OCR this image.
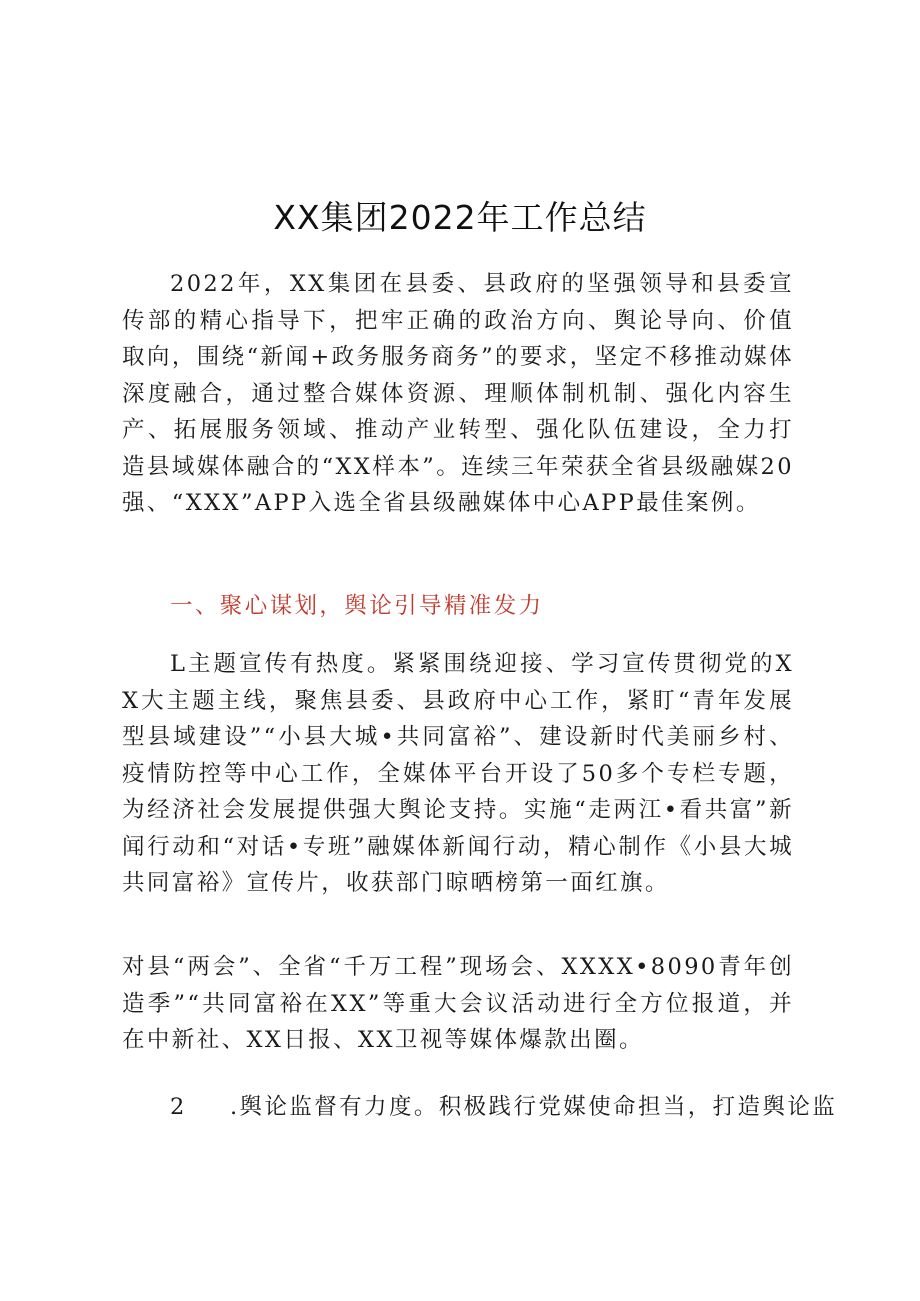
XX集团2022年工作总结

2022年，XX集团在县委、县政府的坚强领导和县委宣传部的精心指导下，把牢正确的政治方向、舆论导向、价值取向，围绕“新闻+政务服务商务”的要求，坚定不移推动媒体深度融合，通过整合媒体资源、理顺体制机制、强化内容生产、拓展服务领域、推动产业转型、强化队伍建设，全力打造县域媒体融合的“XX样本”。连续三年荣获全省县级融媒20强、“XXX”APP入选全省县级融媒体中心APP最佳案例。

一、聚心谋划，舆论引导精准发力

L主题宣传有热度。紧紧围绕迎接、学习宣传贯彻党的XX大主题主线，聚焦县委、县政府中心工作，紧盯“青年发展型县域建设”“小县大城•共同富裕”、建设新时代美丽乡村、疫情防控等中心工作，全媒体平台开设了50多个专栏专题，为经济社会发展提供强大舆论支持。实施“走两江•看共富”新闻行动和“对话•专班”融媒体新闻行动，精心制作《小县大城共同富裕》宣传片，收获部门晾晒榜第一面红旗。

对县“两会”、全省“千万工程”现场会、XXXX•8090青年创造季”“共同富裕在XX”等重大会议活动进行全方位报道，并在中新社、XX日报、XX卫视等媒体爆款出圈。

2 .舆论监督有力度。积极践行党媒使命担当，打造舆论监
